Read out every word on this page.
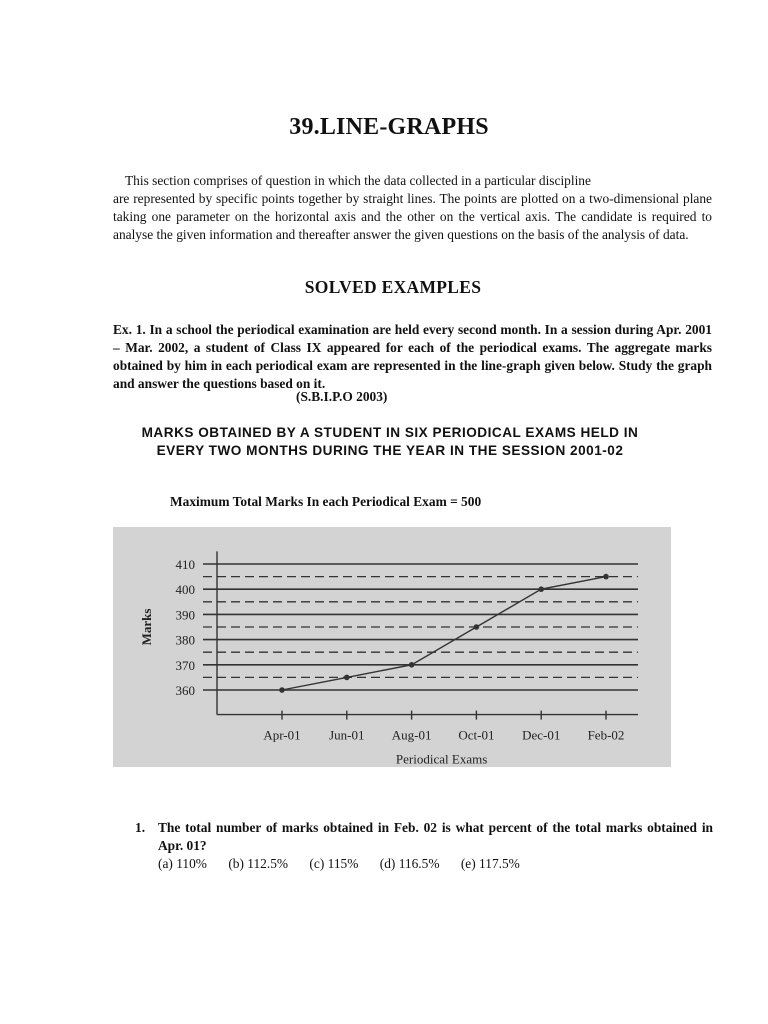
39.LINE-GRAPHS
This section comprises of question in which the data collected in a particular discipline
are represented by specific points together by straight lines. The points are plotted on a two-dimensional plane taking one parameter on the horizontal axis and the other on the vertical axis. The candidate is required to analyse the given information and thereafter answer the given questions on the basis of the analysis of data.
SOLVED EXAMPLES
Ex. 1. In a school the periodical examination are held every second month. In a session during Apr. 2001 – Mar. 2002, a student of Class IX appeared for each of the periodical exams. The aggregate marks obtained by him in each periodical exam are represented in the line-graph given below. Study the graph and answer the questions based on it.
(S.B.I.P.O 2003)
MARKS OBTAINED BY A STUDENT IN SIX PERIODICAL EXAMS HELD IN
EVERY TWO MONTHS DURING THE YEAR IN THE SESSION 2001-02
Maximum Total Marks In each Periodical Exam = 500
360
370
380
390
400
410
Marks
Apr-01 Jun-01 Aug-01 Oct-01 Dec-01 Feb-02
Periodical Exams
1. The total number of marks obtained in Feb. 02 is what percent of the total marks obtained in Apr. 01?
(a) 110% (b) 112.5% (c) 115% (d) 116.5% (e) 117.5%
